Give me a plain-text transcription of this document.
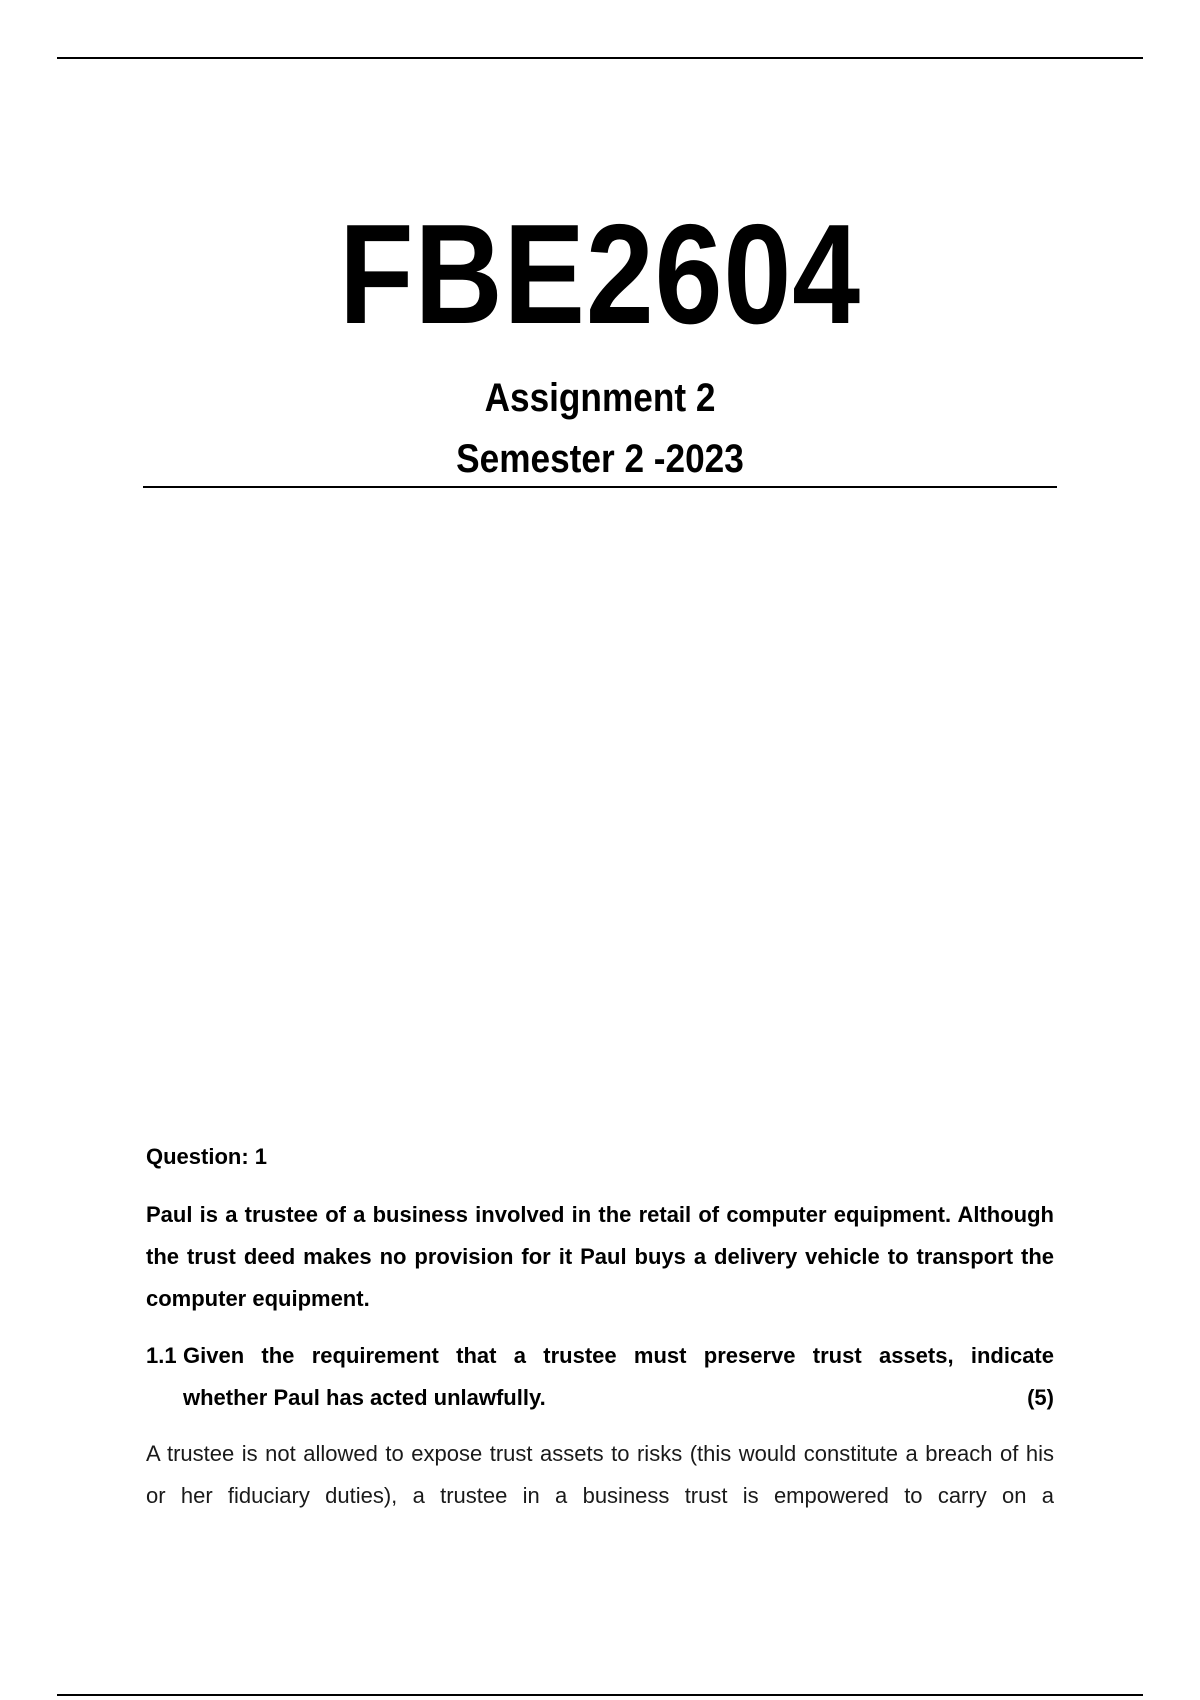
FBE2604
Assignment 2
Semester 2 -2023
Question: 1
Paul is a trustee of a business involved in the retail of computer equipment. Although the trust deed makes no provision for it Paul buys a delivery vehicle to transport the computer equipment.
1.1 Given the requirement that a trustee must preserve trust assets, indicate
whether Paul has acted unlawfully.	(5)
A trustee is not allowed to expose trust assets to risks (this would constitute a breach of his or her fiduciary duties), a trustee in a business trust is empowered to carry on a
